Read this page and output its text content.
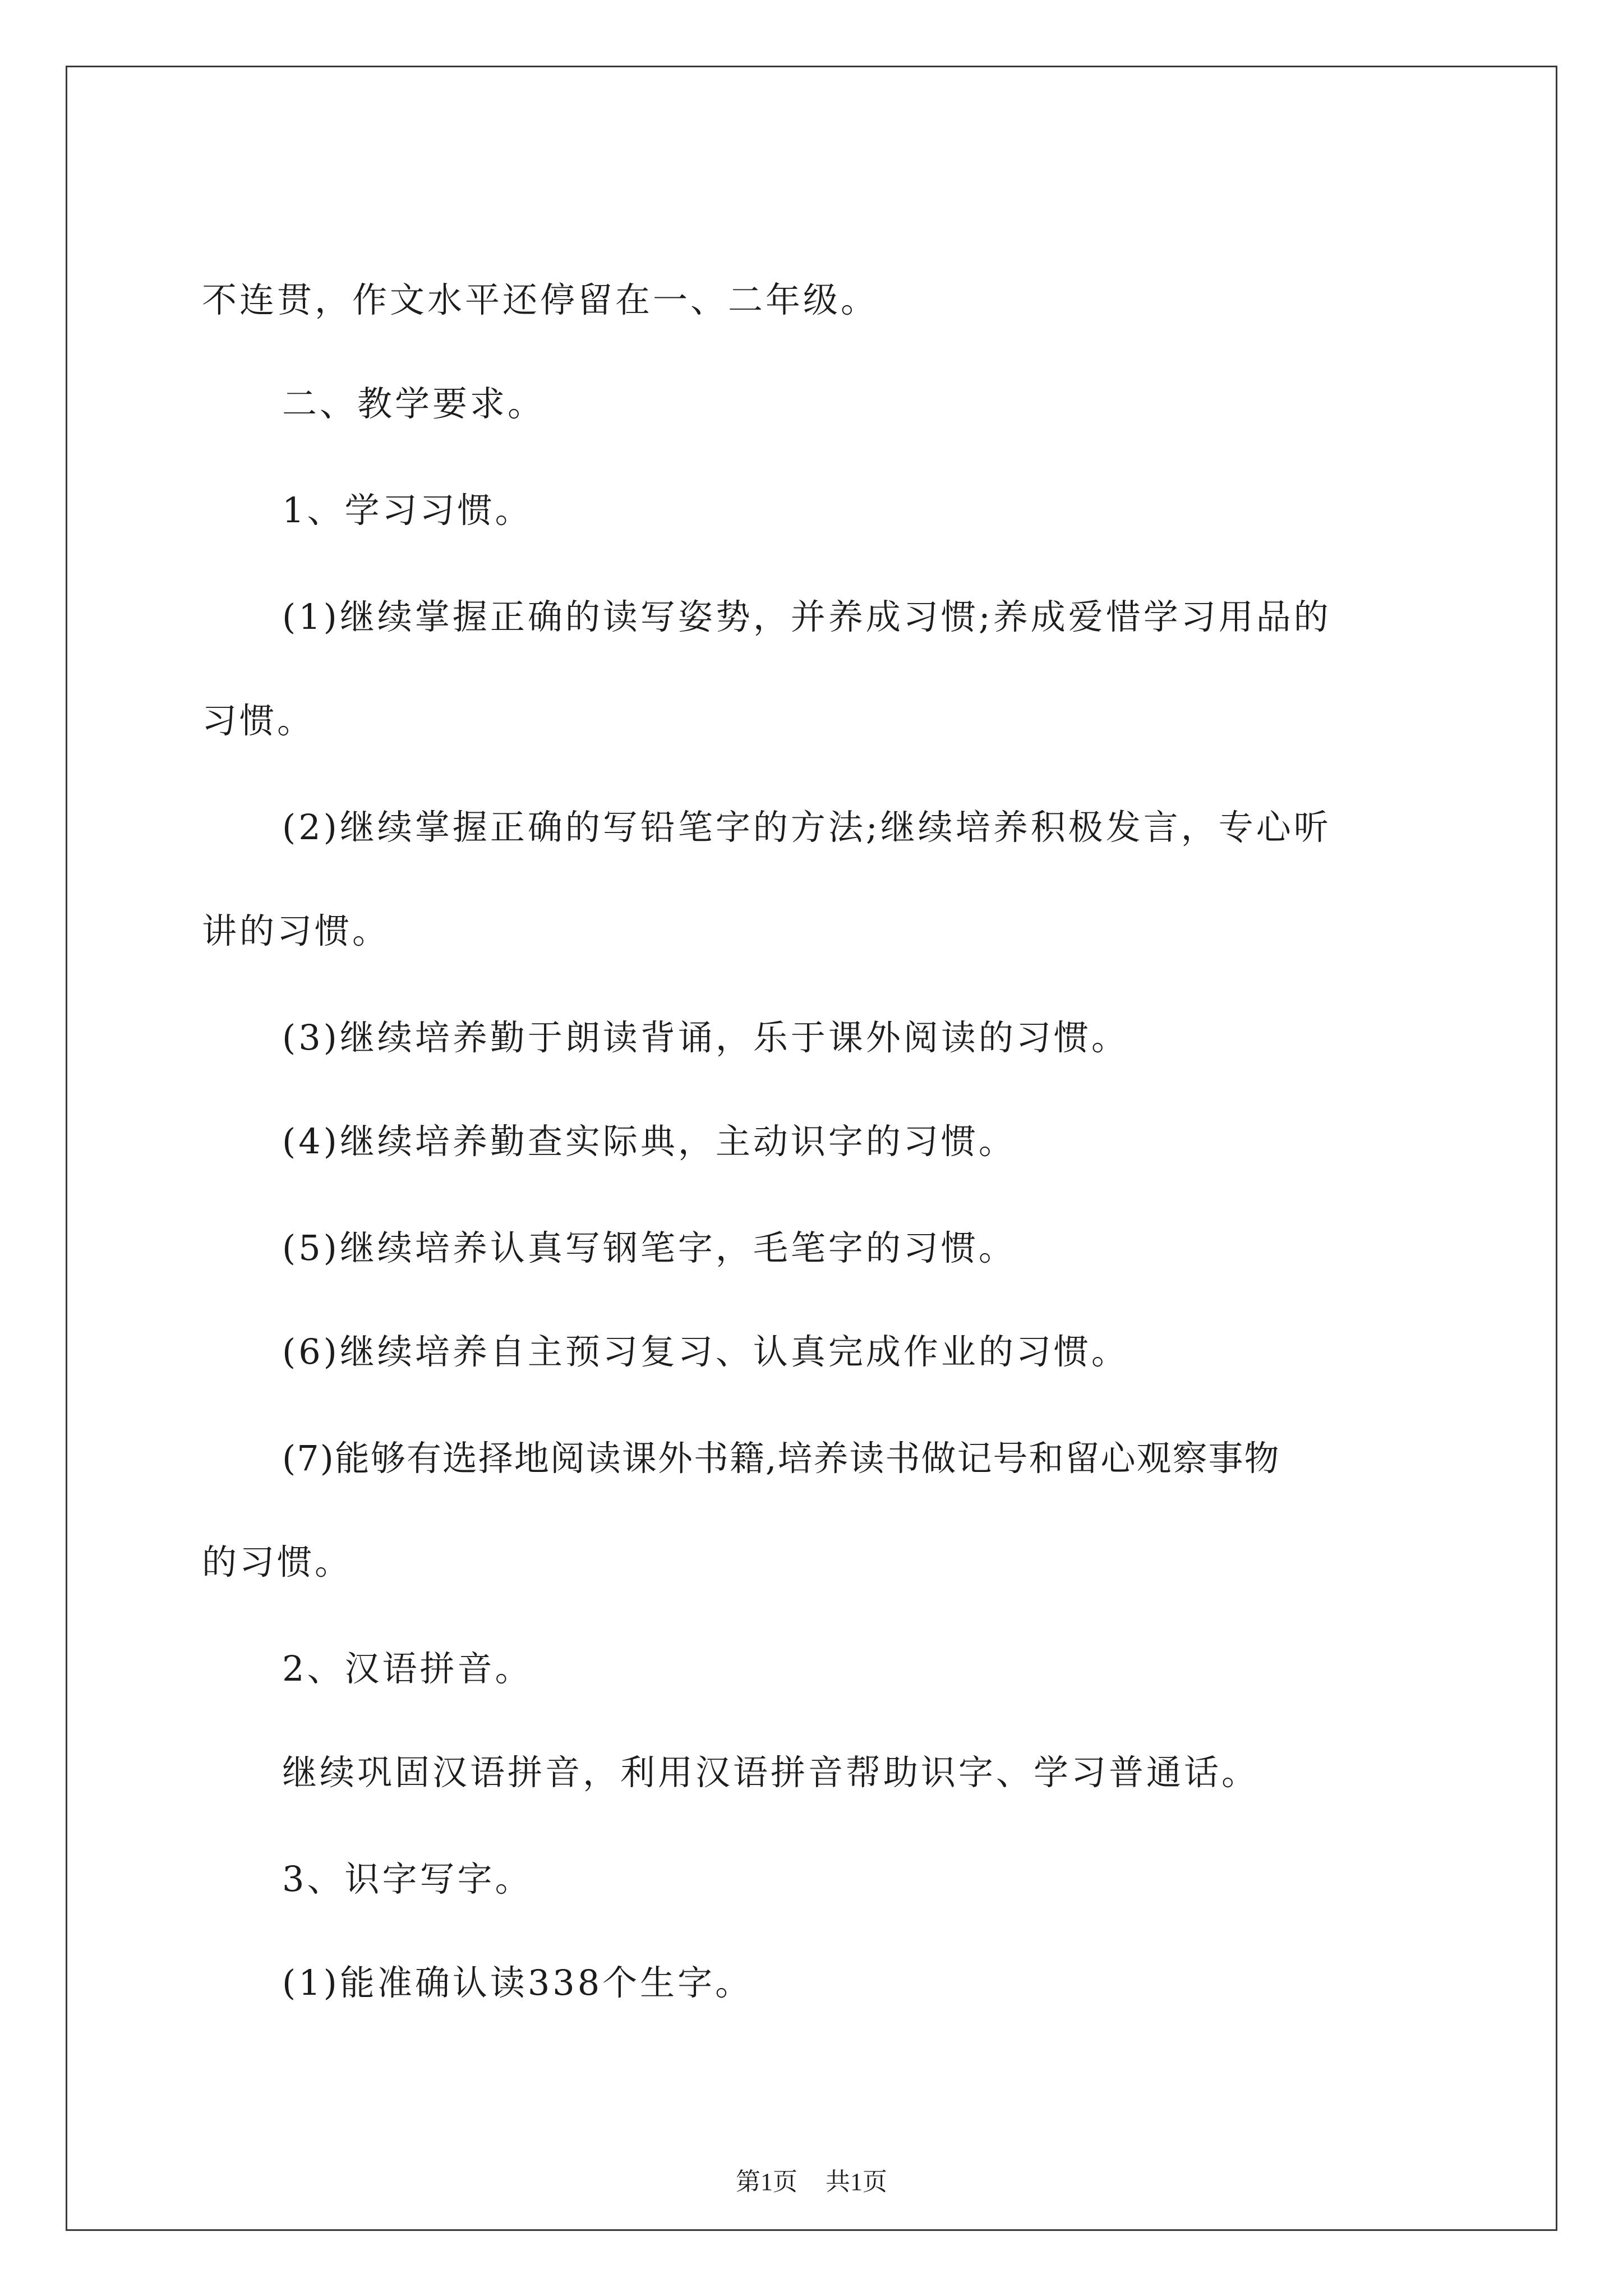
不连贯，作文水平还停留在一、二年级。
二、教学要求。
1、学习习惯。
(1)继续掌握正确的读写姿势，并养成习惯;养成爱惜学习用品的
习惯。
(2)继续掌握正确的写铅笔字的方法;继续培养积极发言，专心听
讲的习惯。
(3)继续培养勤于朗读背诵，乐于课外阅读的习惯。
(4)继续培养勤查实际典，主动识字的习惯。
(5)继续培养认真写钢笔字，毛笔字的习惯。
(6)继续培养自主预习复习、认真完成作业的习惯。
(7)能够有选择地阅读课外书籍,培养读书做记号和留心观察事物
的习惯。
2、汉语拼音。
继续巩固汉语拼音，利用汉语拼音帮助识字、学习普通话。
3、识字写字。
(1)能准确认读338个生字。
第1页 共1页
